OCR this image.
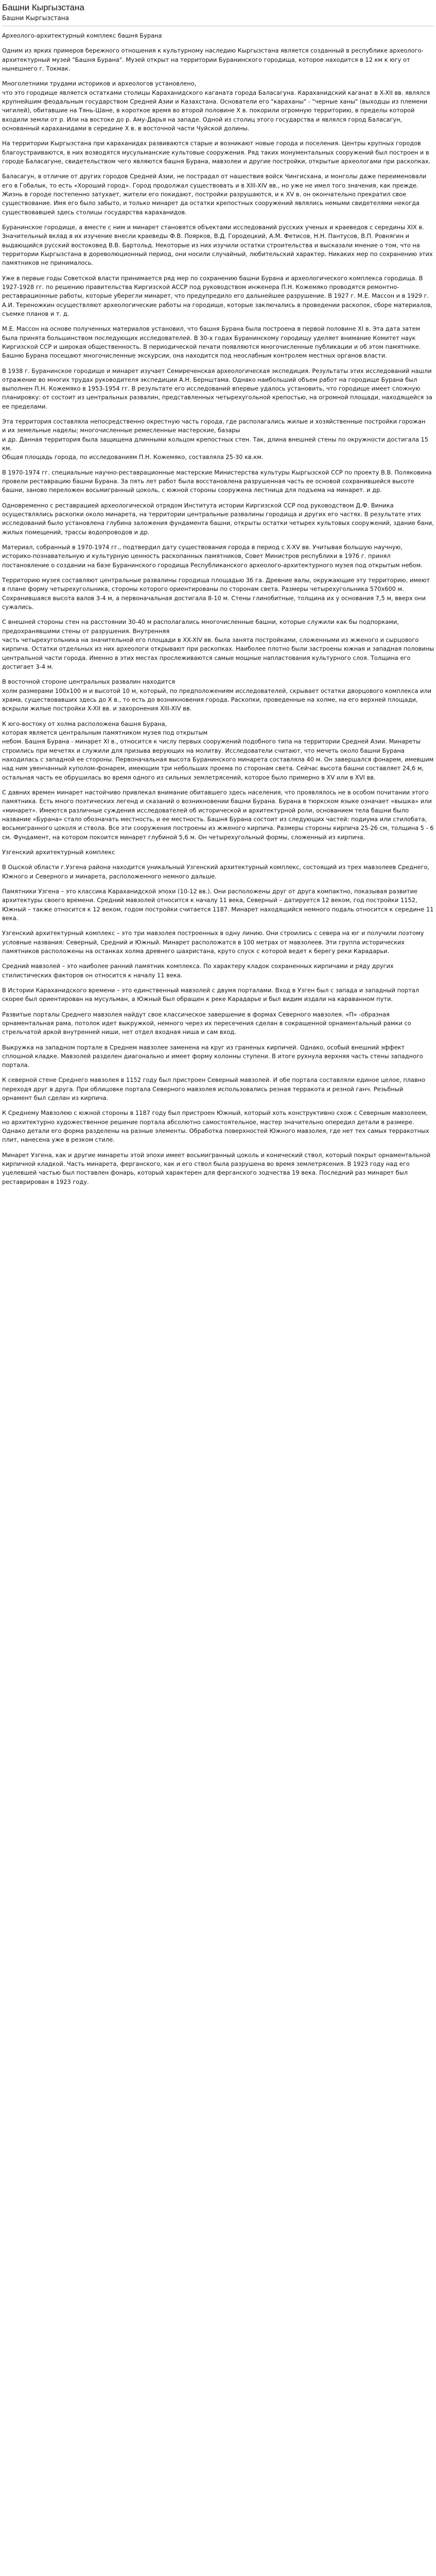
Башни Кыргызстана
Башни Кыргызстана

Археолого-архитектурный комплекс башня Бурана

Одним из ярких примеров бережного отношения к культурному наследию Кыргызстана является созданный в республике археолого-архитектурный музей "Башня Бурана". Музей открыт на территории Буранинского городища, которое находится в 12 км к югу от нынешнего г. Токмак.

Многолетними трудами историков и археологов установлено,
что это городище является остатками столицы Караханидского каганата города Баласагуна. Караханидский каганат в X-XII вв. являлся крупнейшим феодальным государством Средней Азии и Казахстана. Основатели его "караханы" - "черные ханы" (выходцы из племени чигилей), обитавшие на Тянь-Шане, в короткое время во второй половине X в. покорили огромную территорию, в пределы которой входили земли от р. Или на востоке до р. Аму-Дарья на западе. Одной из столиц этого государства и являлся город Баласагун, основанный караханидами в середине X в. в восточной части Чуйской долины.

На территории Кыргызстана при караханидах развиваются старые и возникают новые города и поселения. Центры крупных городов благоустраиваются, в них возводятся мусульманские культовые сооружения. Ряд таких монументальных сооружений был построен и в городе Баласагуне, свидетельством чего являются башня Бурана, мавзолеи и другие постройки, открытые археологами при раскопках.

Баласагун, в отличие от других городов Средней Азии, не пострадал от нашествия войск Чингисхана, и монголы даже переименовали его в Гобалык, то есть «Хороший город». Город продолжал существовать и в XIII-XIV вв., но уже не имел того значения, как прежде. Жизнь в городе постепенно затухает, жители его покидают, постройки разрушаются, и к XV в. он окончательно прекратил свое существование. Имя его было забыто, и только минарет да остатки крепостных сооружений являлись немыми свидетелями некогда существовавшей здесь столицы государства караханидов.

Буранинское городище, а вместе с ним и минарет становятся объектами исследований русских ученых и краеведов с середины XIX в. Значительный вклад в их изучение внесли краеведы Ф.В. Поярков, В.Д. Городецкий, А.М. Фетисов, Н.Н. Пантусов, В.П. Ровнягин и выдающийся русский востоковед В.В. Бартольд. Некоторые из них изучили остатки строительства и высказали мнение о том, что на территории Кыргызстана в дореволюционный период, они носили случайный, любительский характер. Никаких мер по сохранению этих памятников не принималось.

Уже в первые годы Советской власти принимается ряд мер по сохранению башни Бурана и археологического комплекса городища. В 1927-1928 гг. по решению правительства Киргизской АССР под руководством инженера П.Н. Кожемяко проводятся ремонтно-реставрационные работы, которые уберегли минарет, что предупредило его дальнейшее разрушение. В 1927 г. М.Е. Массон и в 1929 г. А.И. Тереножкин осуществляют археологические работы на городище, которые заключались в проведении раскопок, сборе материалов, съемке планов и т. д.

М.Е. Массон на основе полученных материалов установил, что башня Бурана была построена в первой половине XI в. Эта дата затем была принята большинством последующих исследователей. В 30-х годах Буранинскому городищу уделяет внимание Комитет наук Киргизской ССР и широкая общественность. В периодической печати появляются многочисленные публикации и об этом памятнике. Башню Бурана посещают многочисленные экскурсии, она находится под неослабным контролем местных органов власти.

В 1938 г. Буранинское городище и минарет изучает Семиреченская археологическая экспедиция. Результаты этих исследований нашли отражение во многих трудах руководителя экспедиции А.Н. Бернштама. Однако наибольший объем работ на городище Бурана был выполнен П.Н. Кожемяко в 1953-1954 гг. В результате его исследований впервые удалось установить, что городище имеет сложную планировку: от состоит из центральных развалин, представленных четырехугольной крепостью, на огромной площади, находящейся за ее пределами.

Эта территория составляла непосредственно окрестную часть города, где располагались жилые и хозяйственные постройки горожан
и их земельные наделы; многочисленные ремесленные мастерские, базары
и др. Данная территория была защищена длинными кольцом крепостных стен. Так, длина внешней стены по окружности достигала 15 км.
Общая площадь города, по исследованиям П.Н. Кожемяко, составляла 25-30 кв.км.

В 1970-1974 гг. специальные научно-реставрационные мастерские Министерства культуры Кыргызской ССР по проекту В.В. Поляковина провели реставрацию башни Бурана. За пять лет работ была восстановлена разрушенная часть ее основой сохранившейся высоте башни, заново переложен восьмигранный цоколь, с южной стороны сооружена лестница для подъема на минарет. и др.

Одновременно с реставрацией археологической отрядом Института истории Киргизской ССР под руководством Д.Ф. Виника осуществлялись раскопки около минарета, на территории центральные развалины городища и других его частях. В результате этих исследований было установлена глубина заложения фундамента башни, открыты остатки четырех культовых сооружений, здание бани, жилых помещений, трассы водопроводов и др.

Материал, собранный в 1970-1974 гг., подтвердил дату существования города в период с X-XV вв. Учитывая большую научную, историко-познавательную и культурную ценность раскопанных памятников, Совет Министров республики в 1976 г. принял
постановление о создании на базе Буранинского городища Республиканского археолого-архитектурного музея под открытым небом.

Территорию музея составляют центральные развалины городища площадью 36 га. Древние валы, окружающие эту территорию, имеют в плане форму четырехугольника, стороны которого ориентированы по сторонам света. Размеры четырехугольника 570х600 м. Сохранившаяся высота валов 3-4 м, а первоначальная достигала 8-10 м. Стены глинобитные, толщина их у основания 7,5 м, вверх они сужались.

С внешней стороны стен на расстоянии 30-40 м располагались многочисленные башни, которые служили как бы подпорками, предохранявшими стены от разрушения. Внутренняя
часть четырехугольника на значительной его площади в XX-XIV вв. была занята постройками, сложенными из жженого и сырцового кирпича. Остатки отдельных из них археологи открывают при раскопках. Наиболее плотно были застроены южная и западная половины центральной части города. Именно в этих местах прослеживаются самые мощные напластования культурного слоя. Толщина его достигает 3-4 м.

В восточной стороне центральных развалин находится
холм размерами 100х100 м и высотой 10 м, который, по предположениям исследователей, скрывает остатки дворцового комплекса или храма, существовавших здесь до X в., то есть до возникновения города. Раскопки, проведенные на холме, на его верхней площади, вскрыли жилые постройки X-XII вв. и захоронения XIII-XIV вв.

К юго-востоку от холма расположена башня Бурана,
которая является центральным памятником музея под открытым
небом. Башня Бурана - минарет XI в., относится к числу первых сооружений подобного типа на территории Средней Азии. Минареты строились при мечетях и служили для призыва верующих на молитву. Исследователи считают, что мечеть около башни Бурана находилась с западной ее стороны. Первоначальная высота Буранинского минарета составляла 40 м. Он завершался фонарем, имевшим над ним увенчанный куполом-фонарем, имеющим три небольших проема по сторонам света. Сейчас высота башни составляет 24,6 м, остальная часть ее обрушилась во время одного из сильных землетрясений, которое было примерно в XV или в XVI вв.

С давних времен минарет настойчиво привлекал внимание обитавшего здесь населения, что проявлялось не в особом почитании этого памятника. Есть много поэтических легенд и сказаний о возникновении башни Бурана. Бурана в тюркском языке означает «вышка» или «минарет». Имеются различные суждения исследователей об исторической и архитектурной роли, основанием тела башни было название «Бурана» стало обозначать местность, и ее местность. Башня Бурана состоит из следующих частей: подиума или стилобата, восьмигранного цоколя и ствола. Все эти сооружения построены из жженого кирпича. Размеры стороны кирпича 25-26 см, толщина 5 - 6 см. Фундамент, на котором покоится минарет глубиной 5,6 м. Он четырехугольный формы, сложенный из кирпича.

Узгенский архитектурный комплекс

В Ошской области г.Узгена района находится уникальный Узгенский архитектурный комплекс, состоящий из трех мавзолеев Среднего, Южного и Северного и минарета, расположенного немного дальше.

Памятники Узгена – это классика Караханидской эпохи (10-12 вв.). Они расположены друг от друга компактно, показывая развитие архитектуры своего времени. Средний мавзолей относится к началу 11 века, Северный – датируется 12 веком, год постройки 1152, Южный – также относится к 12 веком, годом постройки считается 1187. Минарет находящийся немного подаль относится к середине 11 века.

Узгенский архитектурный комплекс – это три мавзолея построенных в одну линию. Они строились с севера на юг и получили поэтому условные названия: Северный, Средний и Южный. Минарет расположатся в 100 метрах от мавзолеев. Эти группа исторических памятников расположены на останках холма древнего шахристана, круто спуск с которой ведет к берегу реки Карадарьи.

Средний мавзолей – это наиболее ранний памятник комплекса. По характеру кладок сохраненных кирпичами и ряду других стилистических факторов он относится к началу 11 века.

В Истории Караханидского времени – это единственный мавзолей с двумя порталами. Вход в Узген был с запада и западный портал скорее был ориентирован на мусульман, а Южный был обращен к реке Карадарье и был видим издали на караванном пути.

Развитые порталы Среднего мавзолея найдут свое классическое завершение в формах Северного мавзолея. «П» -образная орнаментальная рама, потолок идет выкружкой, немного через их пересечения сделан в сокращенной орнаментальный рамки со стрельчатой аркой внутренней ниши, нет отдел входная ниша и сам вход.

Выкружка на западном портале в Среднем мавзолее заменена на круг из граненых кирпичей. Однако, особый внешний эффект сплошной кладке. Мавзолей разделен диагонально и имеет форму колонны ступени. В итоге рухнула верхняя часть стены западного портала.

К северной стене Среднего мавзолея в 1152 году был пристроен Северный мавзолей. И обе портала составляли единое целое, плавно переходя друг в друга. При облицовке портала Северного мавзолея использовались резная терракота и резной ганч. Резьбный орнамент был сделан из кирпича.

К Среднему Мавзолею с южной стороны в 1187 году был пристроен Южный, который хоть конструктивно схож с Северным мавзолеем, но архитектурно художественное решение портала абсолютно самостоятельное, мастер значительно опередил детали в размере. Однако детали его форма разделены на разные элементы. Обработка поверхностей Южного мавзолея, где нет тех самых терракотных плит, нанесена уже в резком стиле.

Минарет Узгена, как и другие минареты этой эпохи имеет восьмигранный цоколь и конический ствол, который покрыт орнаментальной кирпичной кладкой. Часть минарета, ферганского, как и его ствол была разрушена во время землетрясения. В 1923 году над его уцелевшей частью был поставлен фонарь, который характерен для ферганского зодчества 19 века. Последний раз минарет был реставрирован в 1923 году.
